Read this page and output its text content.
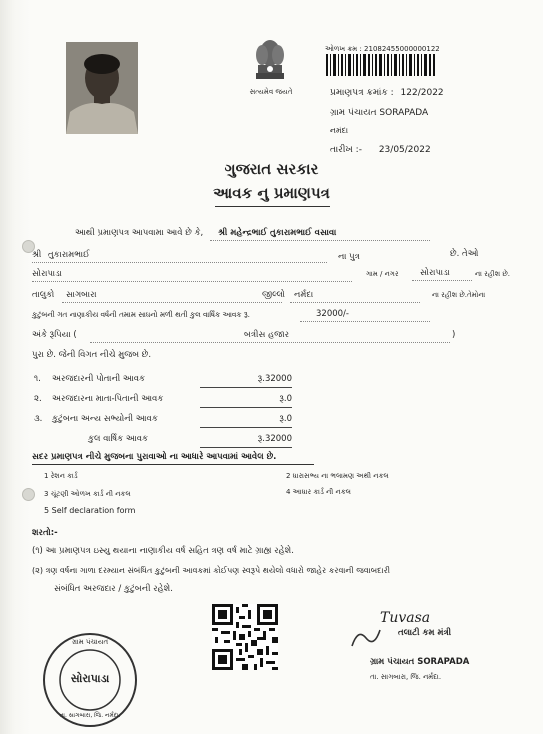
સત્યમેવ જયતે
ઓળખ ક્રમ : 21082455000000122
પ્રમાણપત્ર ક્રમાંક : 122/2022
ગ્રામ પંચાયત SORAPADA
નમંદા
તારીખ :- 23/05/2022
ગુજરાત સરકાર
આવક નુ પ્રમાણપત્ર
આથી પ્રમાણપત્ર આપવામા આવે છે કે, શ્રી મહેન્દ્રભાઈ તુકારામભાઈ વસાવા
શ્રી તુકારામભાઈ	ના પુત્ર	છે. તેઓ
સોરાપાડા	ગામ / નગર	સોરાપાડા	ના રહીશ છે.
તાલુકો સાગબારા	જીલ્લો નર્મદા	ના રહીશ છે.તેમોના
કુટુંબની ગત નાણાકીય વર્ષની તમામ સાધનો મળી થતી કુલ વાર્ષિક આવક રૂ.	32000/-
અંકે રૂપિયા (	બત્રીસ હજાર	)
પુરા છે. જેની વિગત નીચે મુજબ છે.
૧. અરજદારની પોતાની આવક	રૂ.32000
૨. અરજદારના માતા-પિતાની આવક	રૂ.0
૩. કુટુંબના અન્ય સભ્યોની આવક	રૂ.0
કુલ વાર્ષિક આવક	રૂ.32000
સદર પ્રમાણપત્ર નીચે મુજબના પુરાવાઓ ના આધારે આપવામાં આવેલ છે.
1 રેશન કાર્ડ	2 ધારાસભ્ય ના ભલામણ અથી નકલ
3 ચૂંટણી ઓળખ કાર્ડ ની નકલ	4 આધાર કાર્ડ ની નકલ
5 Self declaration form
શરતો:-
(૧) આ પ્રમાણપત્ર ઇસ્યુ થયાના નાણાકીય વર્ષ સહિત ત્રણ વર્ષ માટે ગ્રાહ્ય રહેશે.
(૨) ત્રણ વર્ષના ગાળા દરમ્યાન સંબંધિત કુટુંબની આવકમાં કોઈપણ સ્વરૂપે થયેલો વધારો જાહેર કરવાની જવાબદારી
સંબંધિત અરજદાર / કુટુંબની રહેશે.
ગ્રામ પંચાયત
સોરાપાડા
તા. સાગબારા, જિ. નર્મદા.
Tuvasa
તલાટી કમ મંત્રી
ગ્રામ પંચાયત SORAPADA
તા. સાગબારા, જિ. નર્મદા.
